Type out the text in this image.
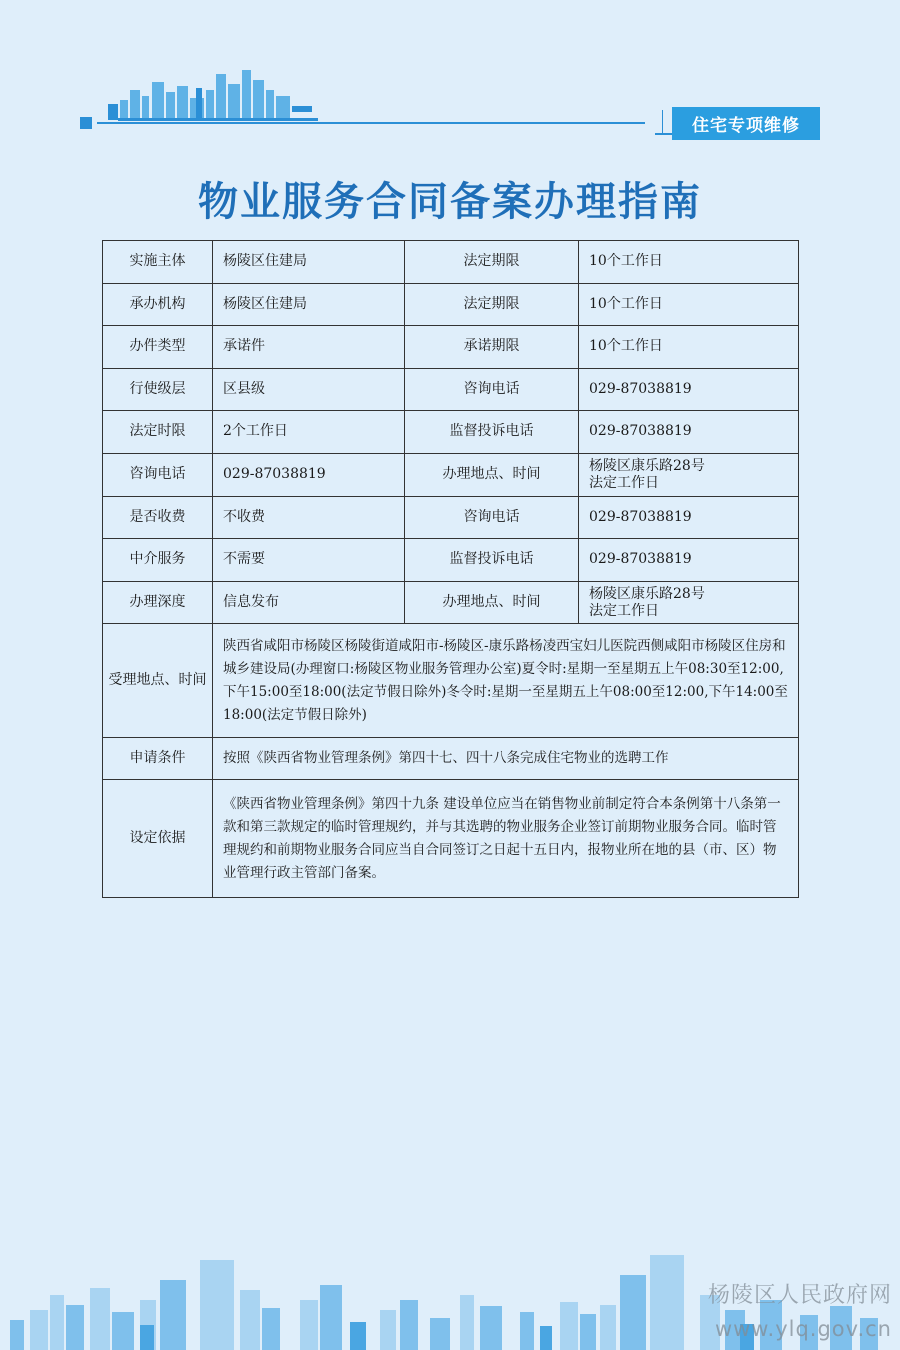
住宅专项维修
物业服务合同备案办理指南
实施主体	杨陵区住建局	法定期限	10个工作日
承办机构	杨陵区住建局	法定期限	10个工作日
办件类型	承诺件	承诺期限	10个工作日
行使级层	区县级	咨询电话	029-87038819
法定时限	2个工作日	监督投诉电话	029-87038819
咨询电话	029-87038819	办理地点、时间	杨陵区康乐路28号
法定工作日
是否收费	不收费	咨询电话	029-87038819
中介服务	不需要	监督投诉电话	029-87038819
办理深度	信息发布	办理地点、时间	杨陵区康乐路28号
法定工作日
受理地点、时间	陕西省咸阳市杨陵区杨陵街道咸阳市-杨陵区-康乐路杨凌西宝妇儿医院西侧咸阳市杨陵区住房和城乡建设局(办理窗口:杨陵区物业服务管理办公室)夏令时:星期一至星期五上午08:30至12:00,下午15:00至18:00(法定节假日除外)冬令时:星期一至星期五上午08:00至12:00,下午14:00至18:00(法定节假日除外)		
申请条件	按照《陕西省物业管理条例》第四十七、四十八条完成住宅物业的选聘工作		
设定依据	《陕西省物业管理条例》第四十九条 建设单位应当在销售物业前制定符合本条例第十八条第一款和第三款规定的临时管理规约，并与其选聘的物业服务企业签订前期物业服务合同。临时管理规约和前期物业服务合同应当自合同签订之日起十五日内，报物业所在地的县（市、区）物业管理行政主管部门备案。		
杨陵区人民政府网
www.ylq.gov.cn
